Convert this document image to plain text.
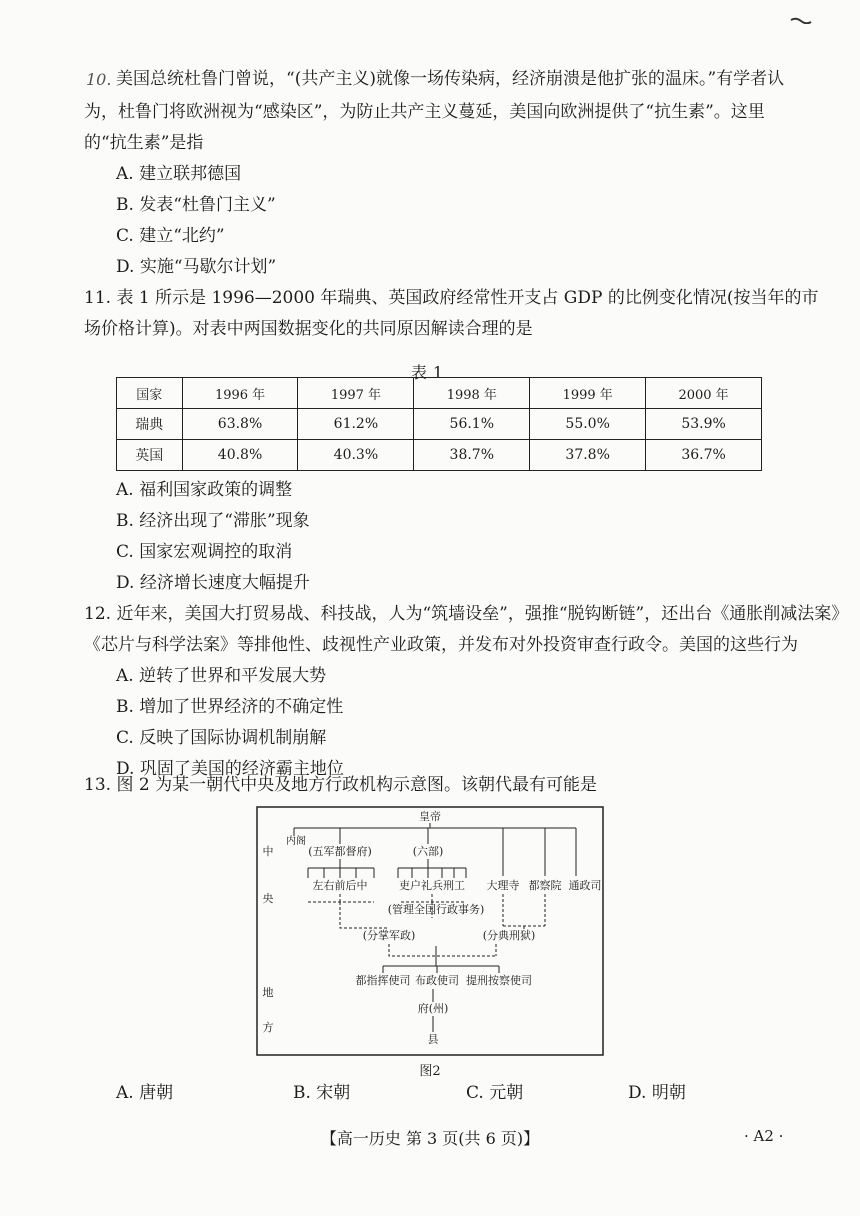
10. 美国总统杜鲁门曾说，“(共产主义)就像一场传染病，经济崩溃是他扩张的温床。”有学者认
为，杜鲁门将欧洲视为“感染区”，为防止共产主义蔓延，美国向欧洲提供了“抗生素”。这里
的“抗生素”是指
A. 建立联邦德国
B. 发表“杜鲁门主义”
C. 建立“北约”
D. 实施“马歇尔计划”
11. 表 1 所示是 1996—2000 年瑞典、英国政府经常性开支占 GDP 的比例变化情况(按当年的市
场价格计算)。对表中两国数据变化的共同原因解读合理的是
表1
国家	1996 年	1997 年	1998 年	1999 年	2000 年
瑞典	63.8%	61.2%	56.1%	55.0%	53.9%
英国	40.8%	40.3%	38.7%	37.8%	36.7%
A. 福利国家政策的调整
B. 经济出现了“滞胀”现象
C. 国家宏观调控的取消
D. 经济增长速度大幅提升
12. 近年来，美国大打贸易战、科技战，人为“筑墙设垒”，强推“脱钩断链”，还出台《通胀削减法案》
《芯片与科学法案》等排他性、歧视性产业政策，并发布对外投资审查行政令。美国的这些行为
A. 逆转了世界和平发展大势
B. 增加了世界经济的不确定性
C. 反映了国际协调机制崩解
D. 巩固了美国的经济霸主地位
13. 图 2 为某一朝代中央及地方行政机构示意图。该朝代最有可能是
皇帝
中
央
地
方
内阁
(五军都督府)
左右前后中
(六部)
吏户礼兵刑工 大理寺 都察院 通政司
(管理全国行政事务)
(分掌军政)	(分典刑狱)
都指挥使司 布政使司 提刑按察使司
府(州)
县
图2
A. 唐朝	B. 宋朝	C. 元朝	D. 明朝
【高一历史 第 3 页(共 6 页)】	· A2 ·
